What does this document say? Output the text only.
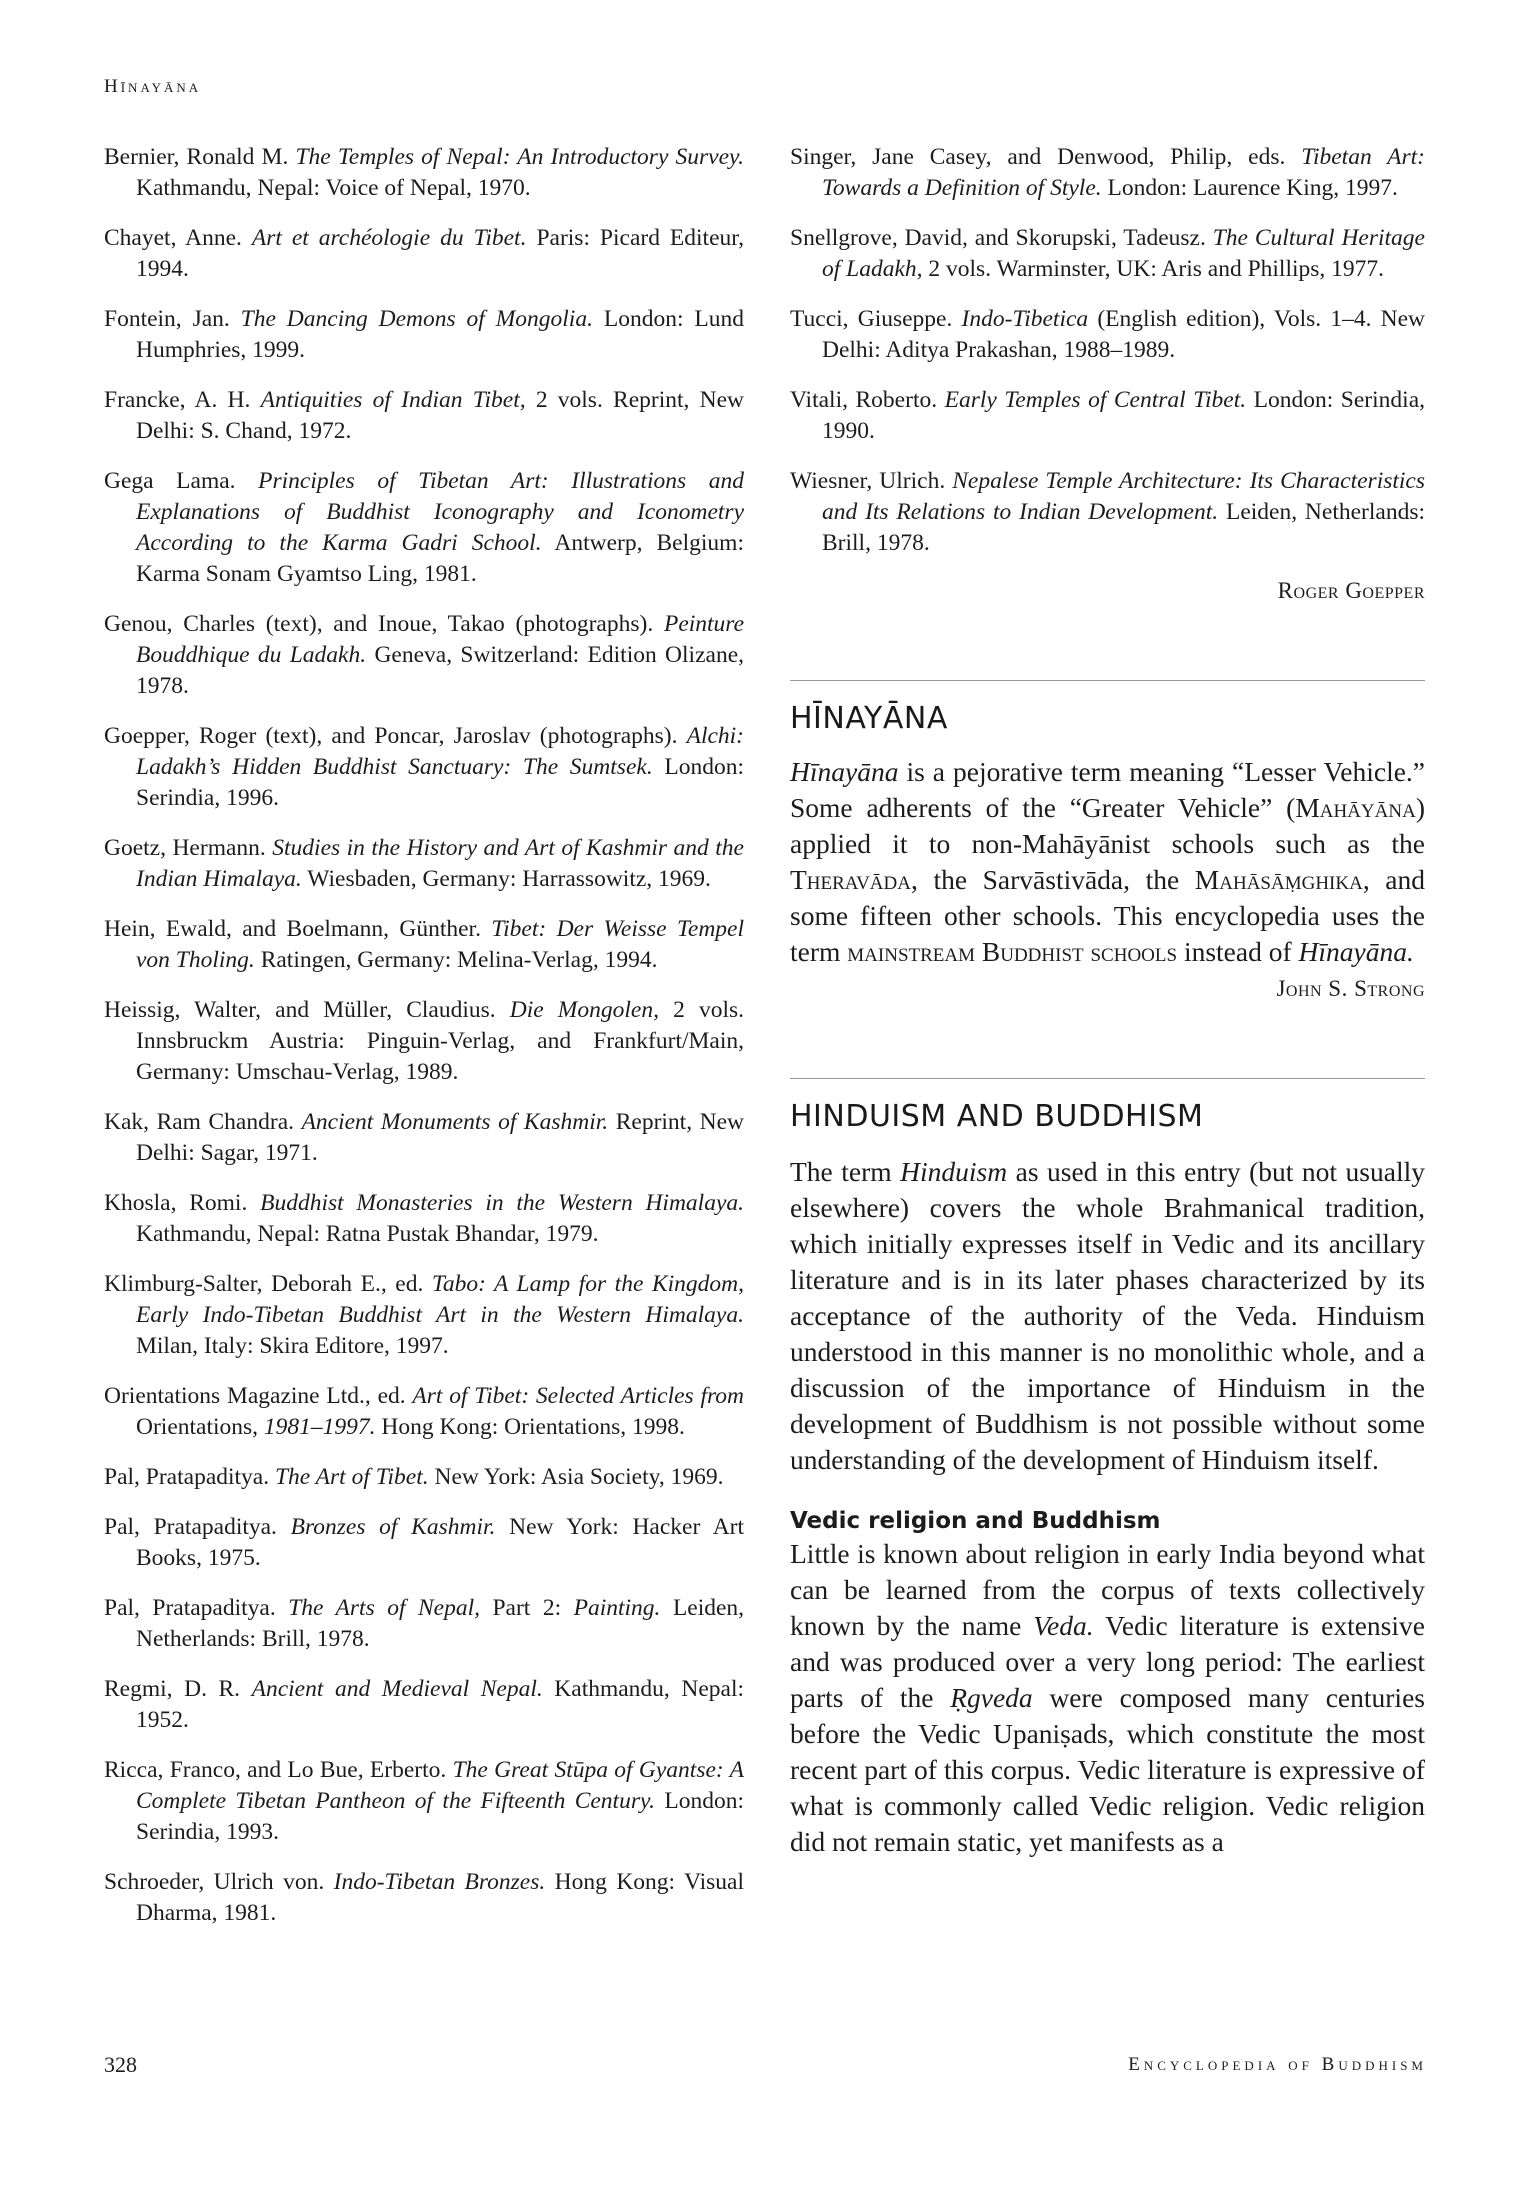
Hīnayāna

Bernier, Ronald M. The Temples of Nepal: An Introductory Survey. Kathmandu, Nepal: Voice of Nepal, 1970.

Chayet, Anne. Art et archéologie du Tibet. Paris: Picard Editeur, 1994.

Fontein, Jan. The Dancing Demons of Mongolia. London: Lund Humphries, 1999.

Francke, A. H. Antiquities of Indian Tibet, 2 vols. Reprint, New Delhi: S. Chand, 1972.

Gega Lama. Principles of Tibetan Art: Illustrations and Explanations of Buddhist Iconography and Iconometry According to the Karma Gadri School. Antwerp, Belgium: Karma Sonam Gyamtso Ling, 1981.

Genou, Charles (text), and Inoue, Takao (photographs). Peinture Bouddhique du Ladakh. Geneva, Switzerland: Edition Olizane, 1978.

Goepper, Roger (text), and Poncar, Jaroslav (photographs). Alchi: Ladakh’s Hidden Buddhist Sanctuary: The Sumtsek. London: Serindia, 1996.

Goetz, Hermann. Studies in the History and Art of Kashmir and the Indian Himalaya. Wiesbaden, Germany: Harrassowitz, 1969.

Hein, Ewald, and Boelmann, Günther. Tibet: Der Weisse Tempel von Tholing. Ratingen, Germany: Melina-Verlag, 1994.

Heissig, Walter, and Müller, Claudius. Die Mongolen, 2 vols. Innsbruckm Austria: Pinguin-Verlag, and Frankfurt/Main, Germany: Umschau-Verlag, 1989.

Kak, Ram Chandra. Ancient Monuments of Kashmir. Reprint, New Delhi: Sagar, 1971.

Khosla, Romi. Buddhist Monasteries in the Western Himalaya. Kathmandu, Nepal: Ratna Pustak Bhandar, 1979.

Klimburg-Salter, Deborah E., ed. Tabo: A Lamp for the Kingdom, Early Indo-Tibetan Buddhist Art in the Western Himalaya. Milan, Italy: Skira Editore, 1997.

Orientations Magazine Ltd., ed. Art of Tibet: Selected Articles from Orientations, 1981–1997. Hong Kong: Orientations, 1998.

Pal, Pratapaditya. The Art of Tibet. New York: Asia Society, 1969.

Pal, Pratapaditya. Bronzes of Kashmir. New York: Hacker Art Books, 1975.

Pal, Pratapaditya. The Arts of Nepal, Part 2: Painting. Leiden, Netherlands: Brill, 1978.

Regmi, D. R. Ancient and Medieval Nepal. Kathmandu, Nepal: 1952.

Ricca, Franco, and Lo Bue, Erberto. The Great Stūpa of Gyantse: A Complete Tibetan Pantheon of the Fifteenth Century. London: Serindia, 1993.

Schroeder, Ulrich von. Indo-Tibetan Bronzes. Hong Kong: Visual Dharma, 1981.

Singer, Jane Casey, and Denwood, Philip, eds. Tibetan Art: Towards a Definition of Style. London: Laurence King, 1997.

Snellgrove, David, and Skorupski, Tadeusz. The Cultural Heritage of Ladakh, 2 vols. Warminster, UK: Aris and Phillips, 1977.

Tucci, Giuseppe. Indo-Tibetica (English edition), Vols. 1–4. New Delhi: Aditya Prakashan, 1988–1989.

Vitali, Roberto. Early Temples of Central Tibet. London: Serindia, 1990.

Wiesner, Ulrich. Nepalese Temple Architecture: Its Characteristics and Its Relations to Indian Development. Leiden, Netherlands: Brill, 1978.

Roger Goepper

HĪNAYĀNA

Hīnayāna is a pejorative term meaning “Lesser Vehicle.” Some adherents of the “Greater Vehicle” (Mahāyāna) applied it to non-Mahāyānist schools such as the Theravāda, the Sarvāstivāda, the Mahāsāṃghika, and some fifteen other schools. This encyclopedia uses the term mainstream Buddhist schools instead of Hīnayāna.

John S. Strong

HINDUISM AND BUDDHISM

The term Hinduism as used in this entry (but not usually elsewhere) covers the whole Brahmanical tradition, which initially expresses itself in Vedic and its ancillary literature and is in its later phases characterized by its acceptance of the authority of the Veda. Hinduism understood in this manner is no monolithic whole, and a discussion of the importance of Hinduism in the development of Buddhism is not possible without some understanding of the development of Hinduism itself.

Vedic religion and Buddhism

Little is known about religion in early India beyond what can be learned from the corpus of texts collectively known by the name Veda. Vedic literature is extensive and was produced over a very long period: The earliest parts of the Ṛgveda were composed many centuries before the Vedic Upaniṣads, which constitute the most recent part of this corpus. Vedic literature is expressive of what is commonly called Vedic religion. Vedic religion did not remain static, yet manifests as a

328	Encyclopedia of Buddhism
